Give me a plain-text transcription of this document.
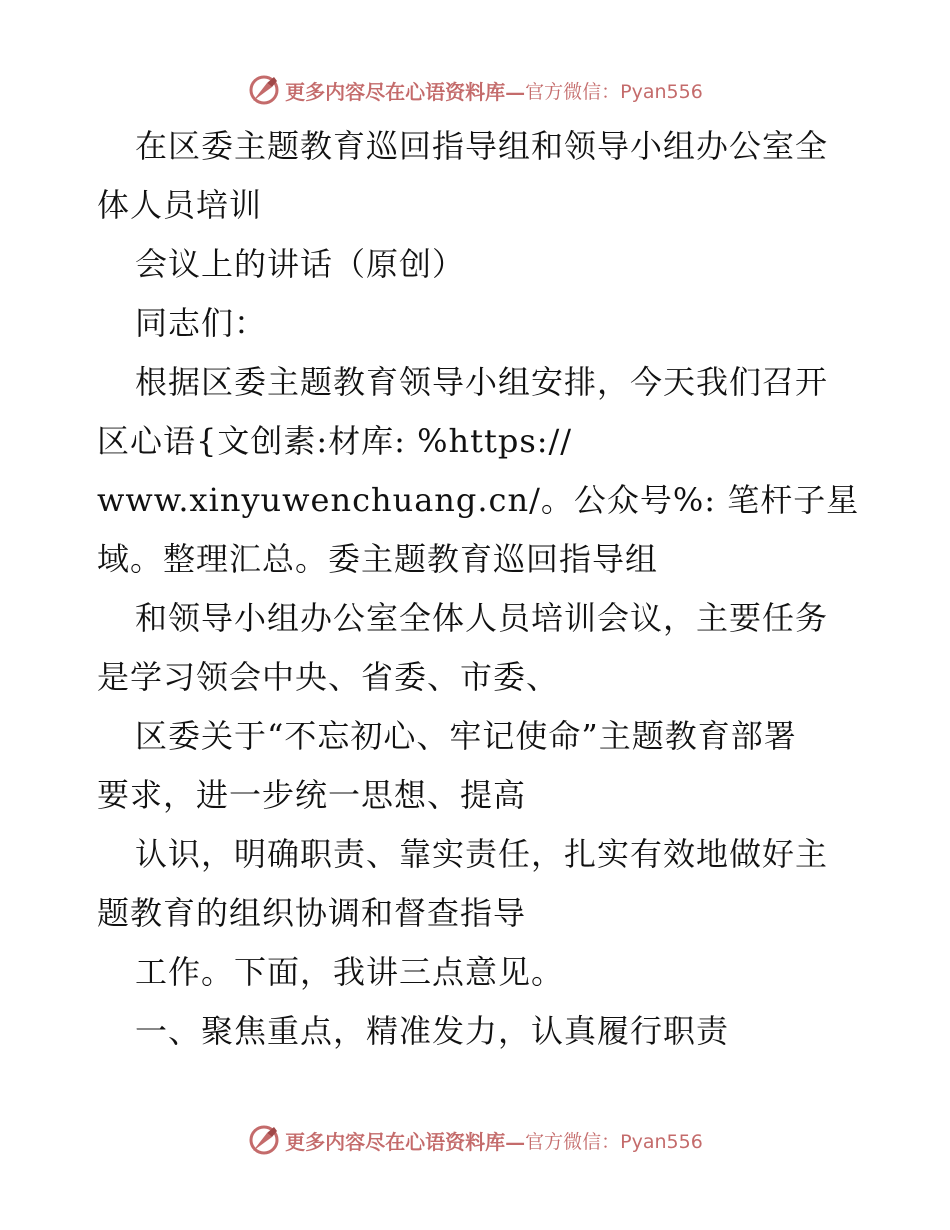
更多内容尽在心语资料库— 官方微信：Pyan556
在区委主题教育巡回指导组和领导小组办公室全
体人员培训
会议上的讲话（原创）
同志们：
根据区委主题教育领导小组安排，今天我们召开
区心语{文创素:材库: %https://
www.xinyuwenchuang.cn/。公众号%: 笔杆子星
域。整理汇总。委主题教育巡回指导组
和领导小组办公室全体人员培训会议，主要任务
是学习领会中央、省委、市委、
区委关于“不忘初心、牢记使命”主题教育部署
要求，进一步统一思想、提高
认识，明确职责、靠实责任，扎实有效地做好主
题教育的组织协调和督查指导
工作。下面，我讲三点意见。
一、聚焦重点，精准发力，认真履行职责
更多内容尽在心语资料库— 官方微信：Pyan556
